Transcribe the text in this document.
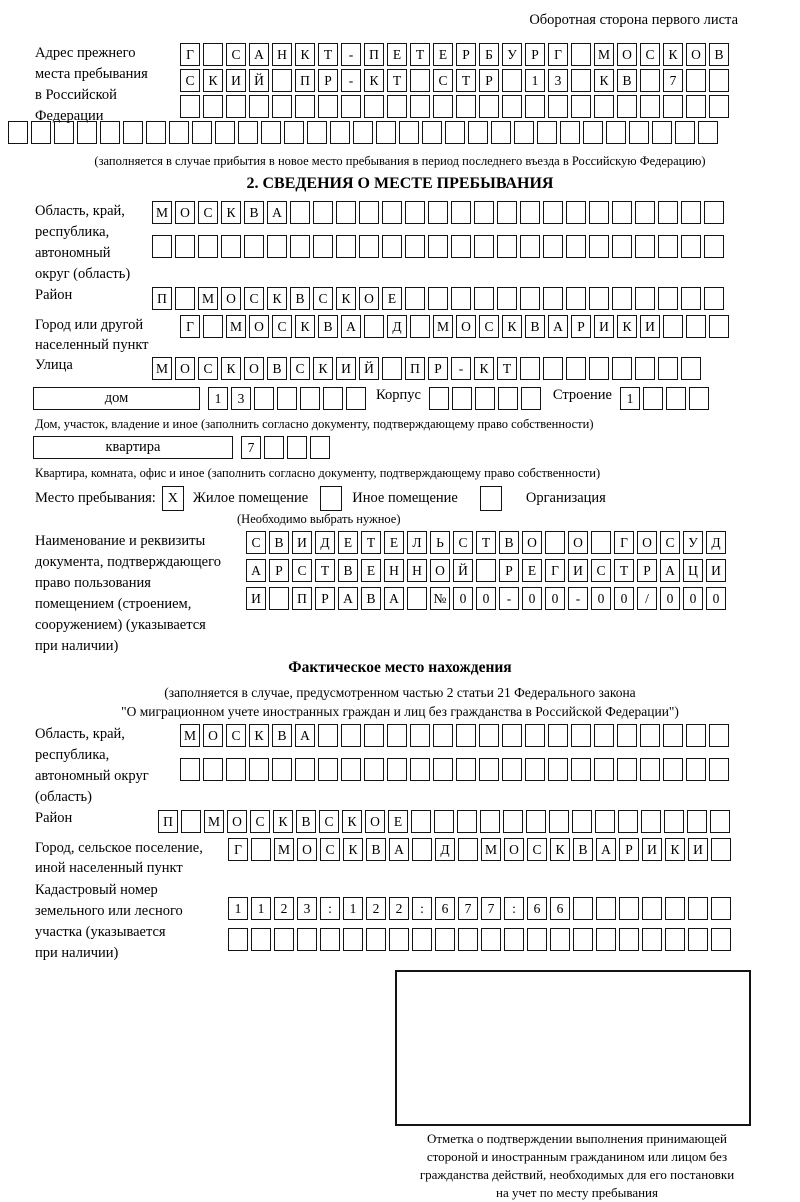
Оборотная сторона первого листа
Адрес прежнего
места пребывания
в Российской
Федерации
Г	С	А Н	К	Т	-	П	Е	Т	Е	Р	Б	У	Р	Г	М О	С	К	О	В
С	К	И Й	П	Р	-	К	Т	С	Т	Р	1	3	К	В	7
(заполняется в случае прибытия в новое место пребывания в период последнего въезда в Российскую Федерацию)
2. СВЕДЕНИЯ О МЕСТЕ ПРЕБЫВАНИЯ
Область, край,
республика,
автономный
округ (область)
М О	С	К	В	А
Район	П	М О	С	К	В	С	К	О	Е
Город или другой
населенный пункт
Г	М О	С	К	В	А	Д	М О	С	К	В	А	Р	И	К	И
Улица	М О	С	К	О	В	С	К	И Й	П	Р	-	К	Т
дом	1	3	Корпус	Строение	1
Дом, участок, владение и иное (заполнить согласно документу, подтверждающему право собственности)
квартира	7
Квартира, комната, офис и иное (заполнить согласно документу, подтверждающему право собственности)
Место пребывания: X	Жилое помещение	Иное помещение	Организация
(Необходимо выбрать нужное)
Наименование и реквизиты
документа, подтверждающего
право пользования
помещением (строением,
сооружением) (указывается
при наличии)
С	В	И	Д	Е	Т	Е	Л	Ь	С	Т	В	О	О	Г	О	С	У	Д
А	Р	С	Т	В	Е	Н Н О Й	Р	Е	Г	И	С	Т	Р	А Ц И
И	П	Р	А	В	А	№ 0	0	-	0	0	-	0	0	/	0	0	0
Фактическое место нахождения
(заполняется в случае, предусмотренном частью 2 статьи 21 Федерального закона
"О миграционном учете иностранных граждан и лиц без гражданства в Российской Федерации")
Область, край,
республика,
автономный округ
(область)
М О	С	К	В	А
Район	П	М О	С	К	В	С	К	О	Е
Город, сельское поселение,
иной населенный пункт
Г	М О	С	К	В	А	Д	М О	С	К	В	А	Р	И	К	И
Кадастровый номер
земельного или лесного
участка (указывается
при наличии)
1	1	2	3	:	1	2	2	:	6	7	7	:	6	6
Отметка о подтверждении выполнения принимающей
стороной и иностранным гражданином или лицом без
гражданства действий, необходимых для его постановки
на учет по месту пребывания
